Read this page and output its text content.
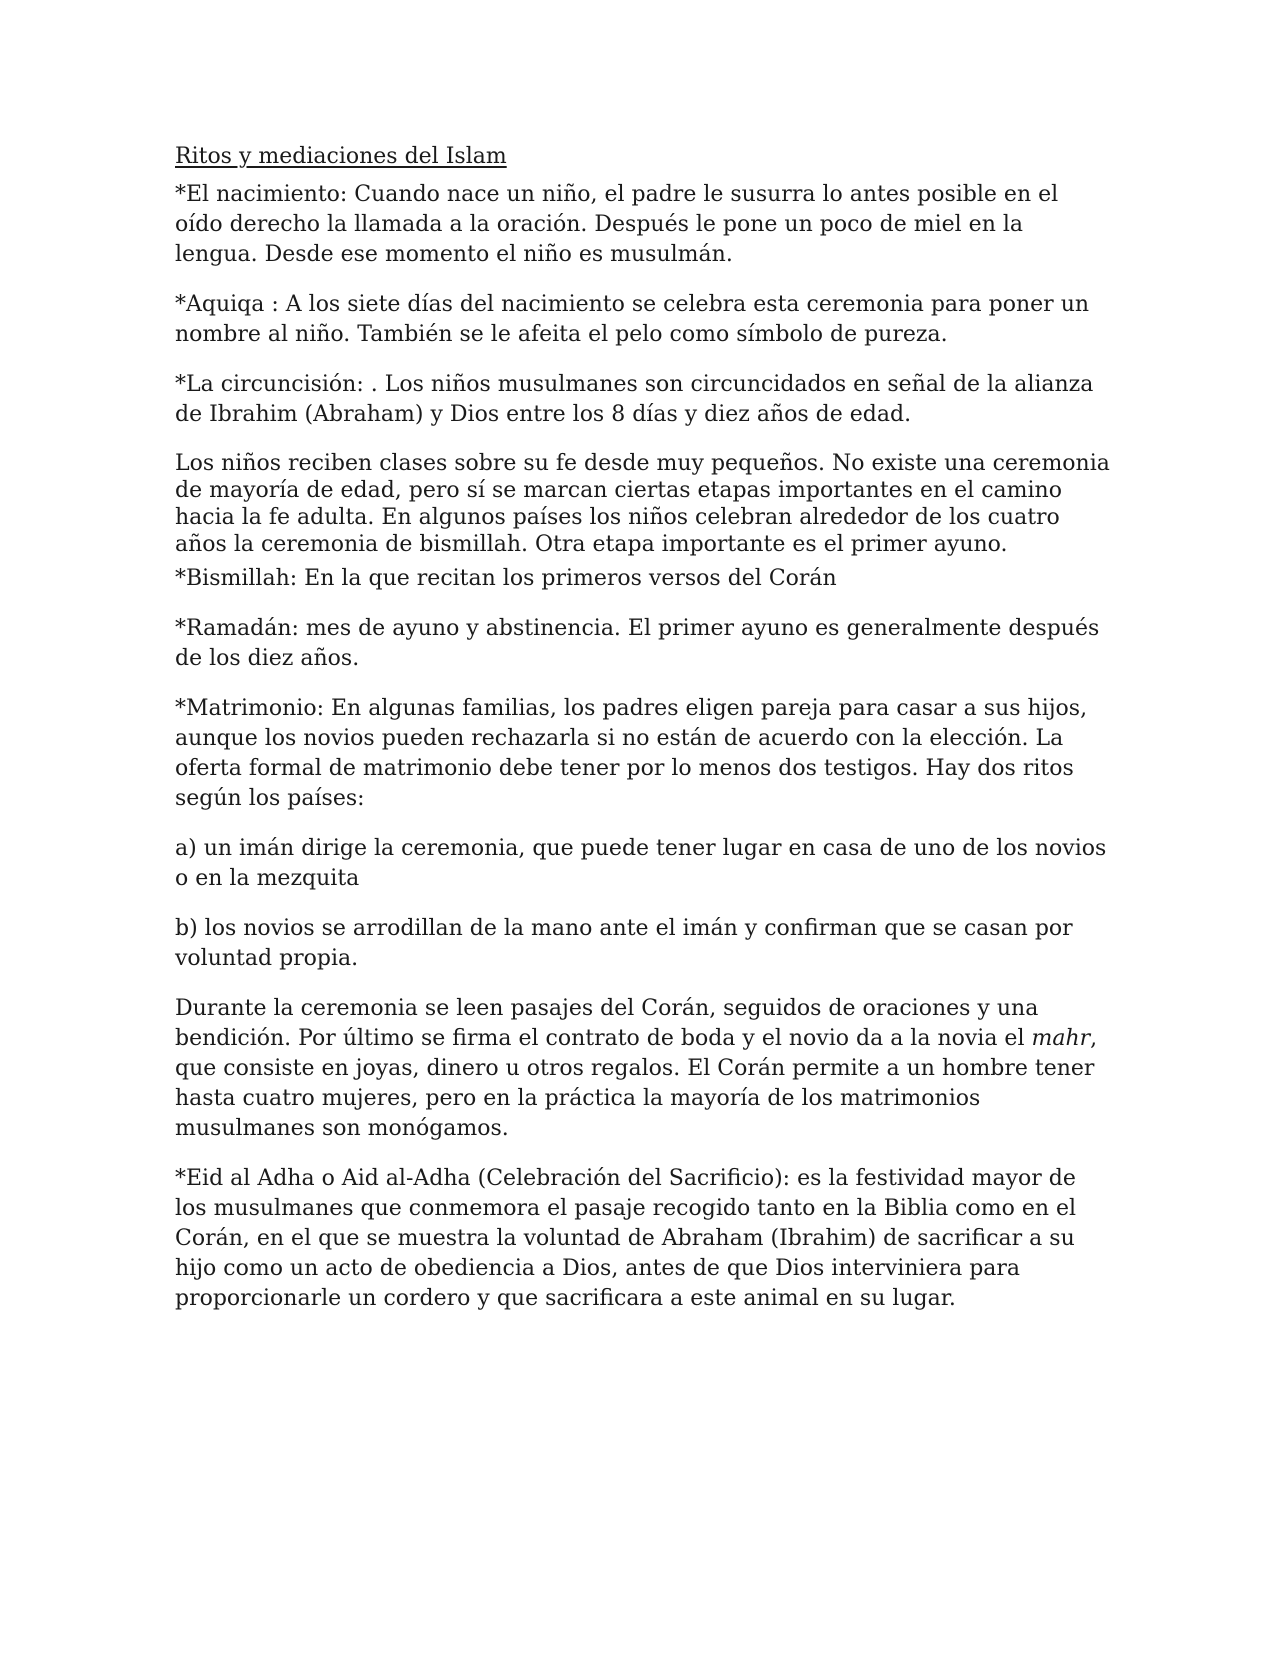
Ritos y mediaciones del Islam

*El nacimiento: Cuando nace un niño, el padre le susurra lo antes posible en el oído derecho la llamada a la oración. Después le pone un poco de miel en la lengua. Desde ese momento el niño es musulmán.

*Aquiqa : A los siete días del nacimiento se celebra esta ceremonia para poner un nombre al niño. También se le afeita el pelo como símbolo de pureza.

*La circuncisión: . Los niños musulmanes son circuncidados en señal de la alianza de Ibrahim (Abraham) y Dios entre los 8 días y diez años de edad.

Los niños reciben clases sobre su fe desde muy pequeños. No existe una ceremonia de mayoría de edad, pero sí se marcan ciertas etapas importantes en el camino hacia la fe adulta. En algunos países los niños celebran alrededor de los cuatro años la ceremonia de bismillah. Otra etapa importante es el primer ayuno.

*Bismillah: En la que recitan los primeros versos del Corán

*Ramadán: mes de ayuno y abstinencia. El primer ayuno es generalmente después de los diez años.

*Matrimonio: En algunas familias, los padres eligen pareja para casar a sus hijos, aunque los novios pueden rechazarla si no están de acuerdo con la elección. La oferta formal de matrimonio debe tener por lo menos dos testigos. Hay dos ritos según los países:

a) un imán dirige la ceremonia, que puede tener lugar en casa de uno de los novios o en la mezquita

b) los novios se arrodillan de la mano ante el imán y confirman que se casan por voluntad propia.

Durante la ceremonia se leen pasajes del Corán, seguidos de oraciones y una bendición. Por último se firma el contrato de boda y el novio da a la novia el mahr, que consiste en joyas, dinero u otros regalos. El Corán permite a un hombre tener hasta cuatro mujeres, pero en la práctica la mayoría de los matrimonios musulmanes son monógamos.

*Eid al Adha o Aid al-Adha (Celebración del Sacrificio): es la festividad mayor de los musulmanes que conmemora el pasaje recogido tanto en la Biblia como en el Corán, en el que se muestra la voluntad de Abraham (Ibrahim) de sacrificar a su hijo como un acto de obediencia a Dios, antes de que Dios interviniera para proporcionarle un cordero y que sacrificara a este animal en su lugar.
